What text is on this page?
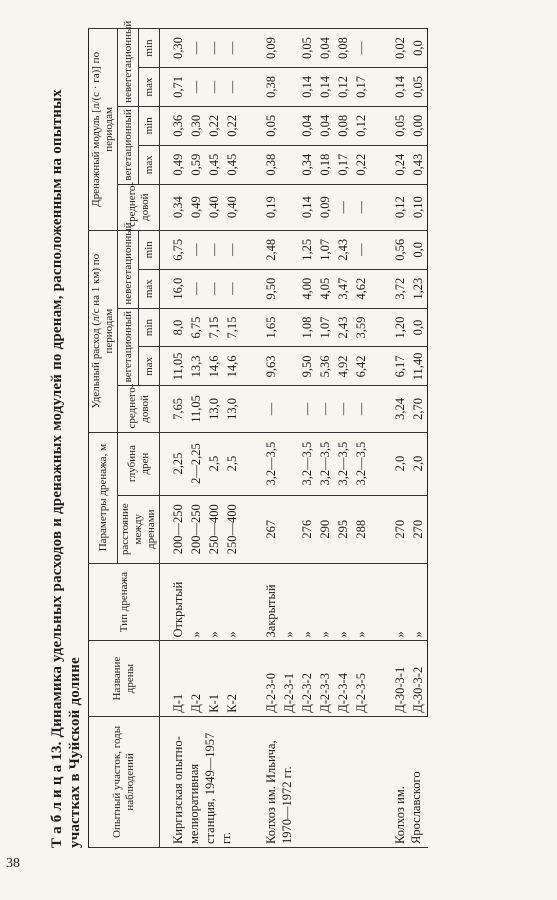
38
Т а б л и ц а 13. Динамика удельных расходов и дренажных модулей по дренам, расположенным на опытных участках в Чуйской долине	Опытный участок, годы наблюдений	Название дрены	Тип дренажа	Параметры дренажа, м		Удельный расход (л/с на 1 км) по периодам					Дренажный модуль [л/(с · га)] по периодам				
			расстояние между дренами	глубина дрен	среднего-довой	вегетационный		невегетационный		среднего-довой	вегетационный		невегетационный	
						max	min	max	min		max	min	max	min
Киргизская опытно-мелиоративная станция, 1949—1957 гг.	Д-1	Открытый	200—250	2,25	7,65	11,05	8,0	16,0	6,75	0,34	0,49	0,36	0,71	0,30
	Д-2	»	200—250	2—2,25	11,05	13,3	6,75	—	—	0,49	0,59	0,30	—	—
	К-1	»	250—400	2,5	13,0	14,6	7,15	—	—	0,40	0,45	0,22	—	—
	К-2	»	250—400	2,5	13,0	14,6	7,15	—	—	0,40	0,45	0,22	—	—
Колхоз им. Ильича, 1970—1972 гг.	Д-2-3-0	Закрытый	267	3,2—3,5	—	9,63	1,65	9,50	2,48	0,19	0,38	0,05	0,38	0,09
	Д-2-3-1	»												
	Д-2-3-2	»	276	3,2—3,5	—	9,50	1,08	4,00	1,25	0,14	0,34	0,04	0,14	0,05
	Д-2-3-3	»	290	3,2—3,5	—	5,36	1,07	4,05	1,07	0,09	0,18	0,04	0,14	0,04
	Д-2-3-4	»	295	3,2—3,5	—	4,92	2,43	3,47	2,43	—	0,17	0,08	0,12	0,08
	Д-2-3-5	»	288	3,2—3,5	—	6,42	3,59	4,62	—	—	0,22	0,12	0,17	—
Колхоз им. Ярославского	Д-30-3-1	»	270	2,0	3,24	6,17	1,20	3,72	0,56	0,12	0,24	0,05	0,14	0,02
	Д-30-3-2	»	270	2,0	2,70	11,40	0,0	1,23	0,0	0,10	0,43	0,00	0,05	0,0
